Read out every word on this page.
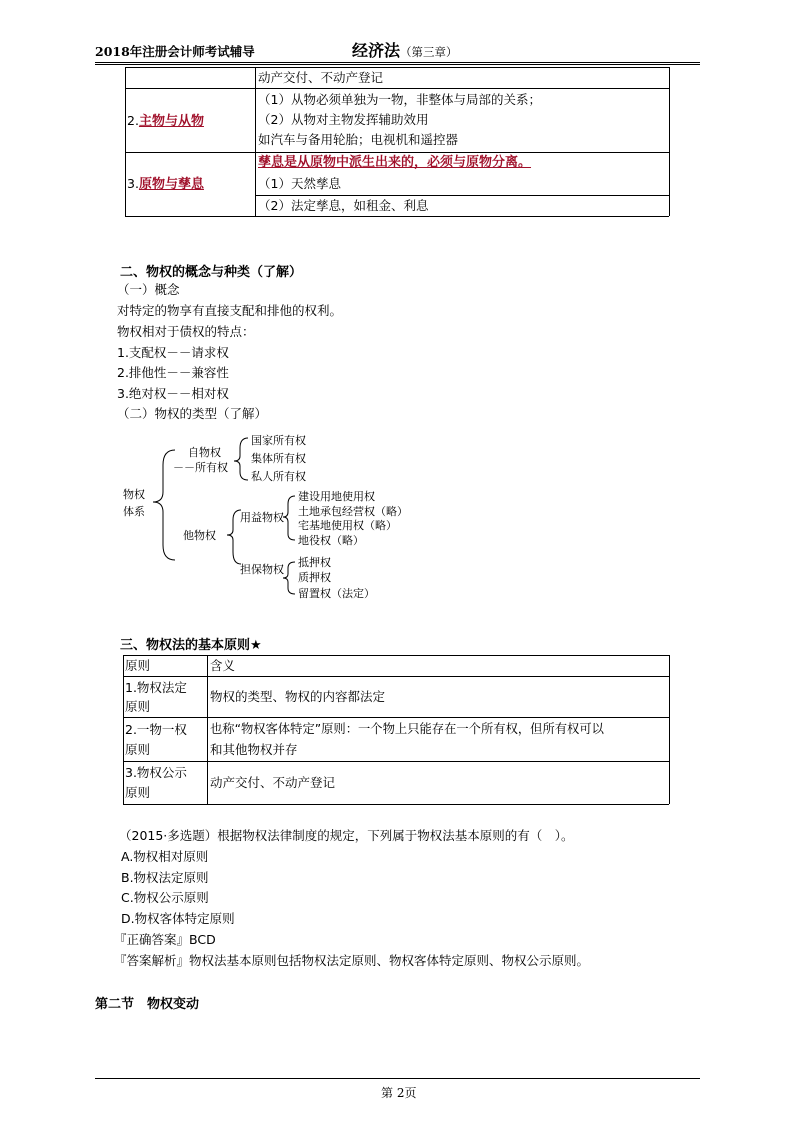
2018年注册会计师考试辅导	经济法（第三章）
动产交付、不动产登记
2.主物与从物
（1）从物必须单独为一物，非整体与局部的关系；
（2）从物对主物发挥辅助效用
如汽车与备用轮胎；电视机和遥控器
3.原物与孳息
孳息是从原物中派生出来的，必须与原物分离。
（1）天然孳息
（2）法定孳息，如租金、利息
二、物权的概念与种类（了解）
（一）概念
对特定的物享有直接支配和排他的权利。
物权相对于债权的特点：
1.支配权－－请求权
2.排他性－－兼容性
3.绝对权－－相对权
（二）物权的类型（了解）
物权
体系
自物权
－－所有权
国家所有权
集体所有权
私人所有权
他物权
用益物权
建设用地使用权
土地承包经营权（略）
宅基地使用权（略）
地役权（略）
担保物权
抵押权
质押权
留置权（法定）
三、物权法的基本原则★
原则	含义
1.物权法定
原则
物权的类型、物权的内容都法定
2.一物一权
原则
也称“物权客体特定”原则：一个物上只能存在一个所有权，但所有权可以
和其他物权并存
3.物权公示
原则
动产交付、不动产登记
（2015·多选题）根据物权法律制度的规定，下列属于物权法基本原则的有（　）。
A.物权相对原则
B.物权法定原则
C.物权公示原则
D.物权客体特定原则
『正确答案』BCD
『答案解析』物权法基本原则包括物权法定原则、物权客体特定原则、物权公示原则。
第二节　物权变动
第 2页
